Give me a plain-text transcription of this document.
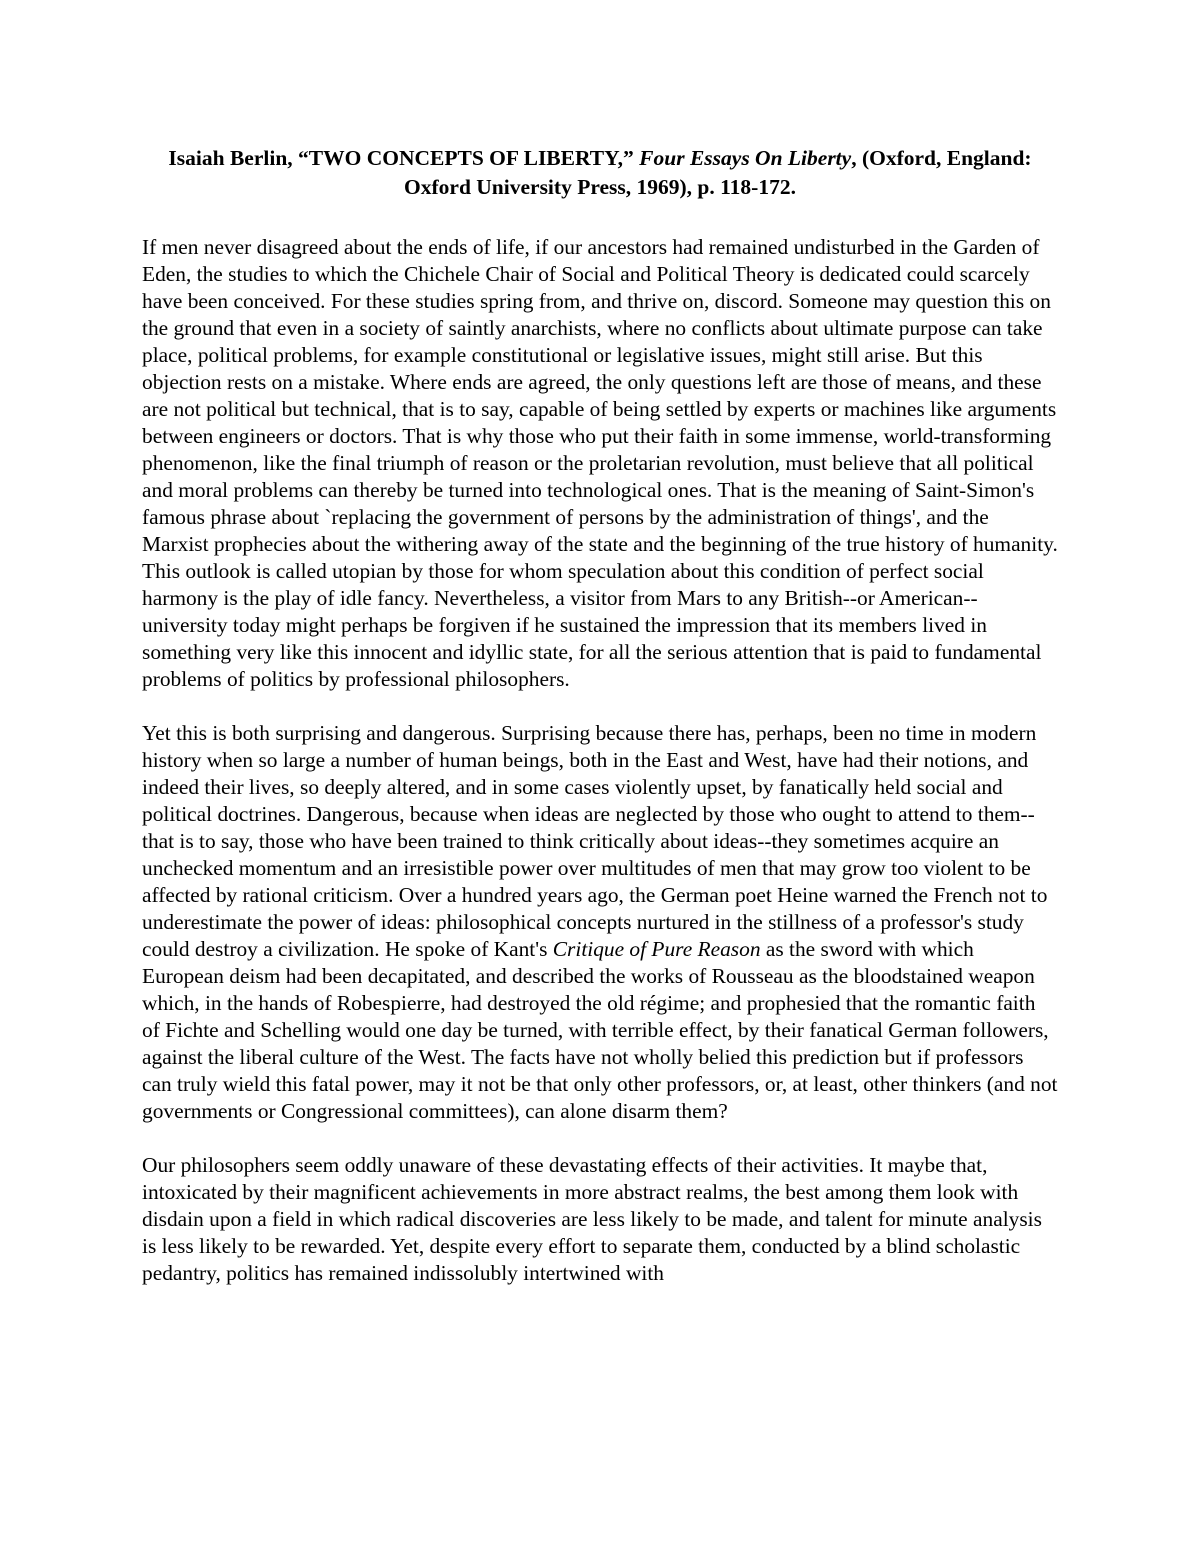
Isaiah Berlin, “TWO CONCEPTS OF LIBERTY,” Four Essays On Liberty, (Oxford, England: Oxford University Press, 1969), p. 118-172.

If men never disagreed about the ends of life, if our ancestors had remained undisturbed in the Garden of Eden, the studies to which the Chichele Chair of Social and Political Theory is dedicated could scarcely have been conceived. For these studies spring from, and thrive on, discord. Someone may question this on the ground that even in a society of saintly anarchists, where no conflicts about ultimate purpose can take place, political problems, for example constitutional or legislative issues, might still arise. But this objection rests on a mistake. Where ends are agreed, the only questions left are those of means, and these are not political but technical, that is to say, capable of being settled by experts or machines like arguments between engineers or doctors. That is why those who put their faith in some immense, world-transforming phenomenon, like the final triumph of reason or the proletarian revolution, must believe that all political and moral problems can thereby be turned into technological ones. That is the meaning of Saint-Simon's famous phrase about `replacing the government of persons by the administration of things', and the Marxist prophecies about the withering away of the state and the beginning of the true history of humanity. This outlook is called utopian by those for whom speculation about this condition of perfect social harmony is the play of idle fancy. Nevertheless, a visitor from Mars to any British--or American-- university today might perhaps be forgiven if he sustained the impression that its members lived in something very like this innocent and idyllic state, for all the serious attention that is paid to fundamental problems of politics by professional philosophers.

Yet this is both surprising and dangerous. Surprising because there has, perhaps, been no time in modern history when so large a number of human beings, both in the East and West, have had their notions, and indeed their lives, so deeply altered, and in some cases violently upset, by fanatically held social and political doctrines. Dangerous, because when ideas are neglected by those who ought to attend to them--that is to say, those who have been trained to think critically about ideas--they sometimes acquire an unchecked momentum and an irresistible power over multitudes of men that may grow too violent to be affected by rational criticism. Over a hundred years ago, the German poet Heine warned the French not to underestimate the power of ideas: philosophical concepts nurtured in the stillness of a professor's study could destroy a civilization. He spoke of Kant's Critique of Pure Reason as the sword with which European deism had been decapitated, and described the works of Rousseau as the bloodstained weapon which, in the hands of Robespierre, had destroyed the old régime; and prophesied that the romantic faith of Fichte and Schelling would one day be turned, with terrible effect, by their fanatical German followers, against the liberal culture of the West. The facts have not wholly belied this prediction but if professors can truly wield this fatal power, may it not be that only other professors, or, at least, other thinkers (and not governments or Congressional committees), can alone disarm them?

Our philosophers seem oddly unaware of these devastating effects of their activities. It maybe that, intoxicated by their magnificent achievements in more abstract realms, the best among them look with disdain upon a field in which radical discoveries are less likely to be made, and talent for minute analysis is less likely to be rewarded. Yet, despite every effort to separate them, conducted by a blind scholastic pedantry, politics has remained indissolubly intertwined with
